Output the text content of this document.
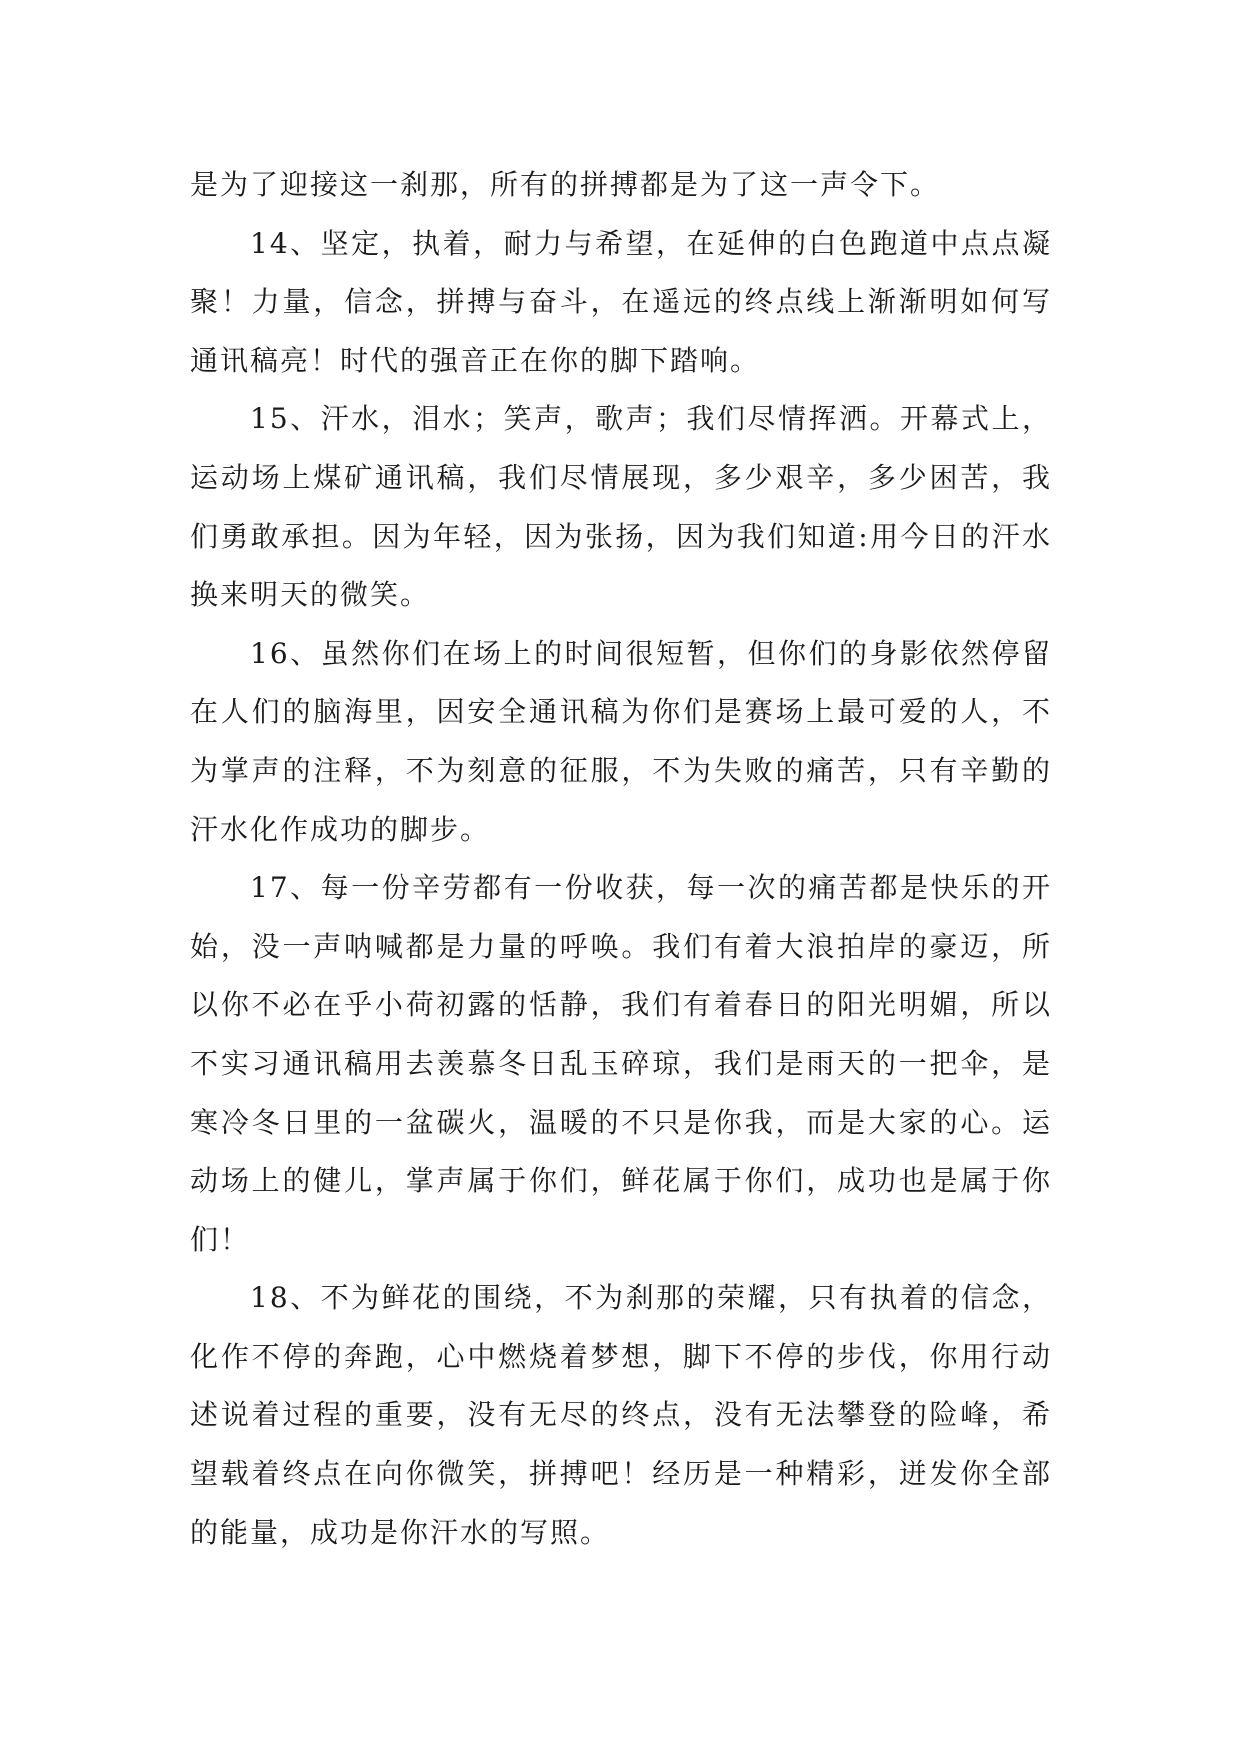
是为了迎接这一刹那，所有的拼搏都是为了这一声令下。

14、坚定，执着，耐力与希望，在延伸的白色跑道中点点凝聚！力量，信念，拼搏与奋斗，在遥远的终点线上渐渐明如何写通讯稿亮！时代的强音正在你的脚下踏响。

15、汗水，泪水；笑声，歌声；我们尽情挥洒。开幕式上，运动场上煤矿通讯稿，我们尽情展现，多少艰辛，多少困苦，我们勇敢承担。因为年轻，因为张扬，因为我们知道:用今日的汗水换来明天的微笑。

16、虽然你们在场上的时间很短暂，但你们的身影依然停留在人们的脑海里，因安全通讯稿为你们是赛场上最可爱的人，不为掌声的注释，不为刻意的征服，不为失败的痛苦，只有辛勤的汗水化作成功的脚步。

17、每一份辛劳都有一份收获，每一次的痛苦都是快乐的开始，没一声呐喊都是力量的呼唤。我们有着大浪拍岸的豪迈，所以你不必在乎小荷初露的恬静，我们有着春日的阳光明媚，所以不实习通讯稿用去羡慕冬日乱玉碎琼，我们是雨天的一把伞，是寒冷冬日里的一盆碳火，温暖的不只是你我，而是大家的心。运动场上的健儿，掌声属于你们，鲜花属于你们，成功也是属于你们！

18、不为鲜花的围绕，不为刹那的荣耀，只有执着的信念，化作不停的奔跑，心中燃烧着梦想，脚下不停的步伐，你用行动述说着过程的重要，没有无尽的终点，没有无法攀登的险峰，希望载着终点在向你微笑，拼搏吧！经历是一种精彩，迸发你全部的能量，成功是你汗水的写照。
